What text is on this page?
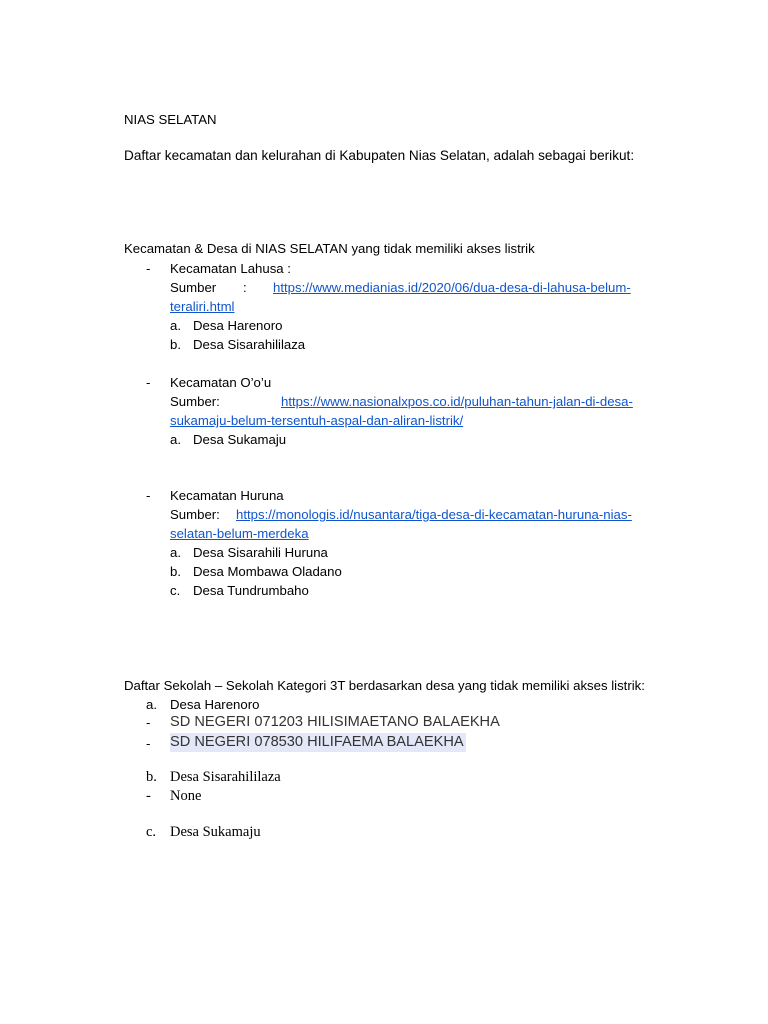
NIAS SELATAN
Daftar kecamatan dan kelurahan di Kabupaten Nias Selatan, adalah sebagai berikut:
Kecamatan & Desa di NIAS SELATAN yang tidak memiliki akses listrik
- Kecamatan Lahusa :
Sumber : https://www.medianias.id/2020/06/dua-desa-di-lahusa-belum-
teraliri.html
a. Desa Harenoro
b. Desa Sisarahililaza
- Kecamatan O’o’u
Sumber:	https://www.nasionalxpos.co.id/puluhan-tahun-jalan-di-desa-
sukamaju-belum-tersentuh-aspal-dan-aliran-listrik/
a. Desa Sukamaju
- Kecamatan Huruna
Sumber: https://monologis.id/nusantara/tiga-desa-di-kecamatan-huruna-nias-
selatan-belum-merdeka
a. Desa Sisarahili Huruna
b. Desa Mombawa Oladano
c. Desa Tundrumbaho
Daftar Sekolah – Sekolah Kategori 3T berdasarkan desa yang tidak memiliki akses listrik:
a. Desa Harenoro
- SD NEGERI 071203 HILISIMAETANO BALAEKHA
- SD NEGERI 078530 HILIFAEMA BALAEKHA
b. Desa Sisarahililaza
- None
c. Desa Sukamaju
